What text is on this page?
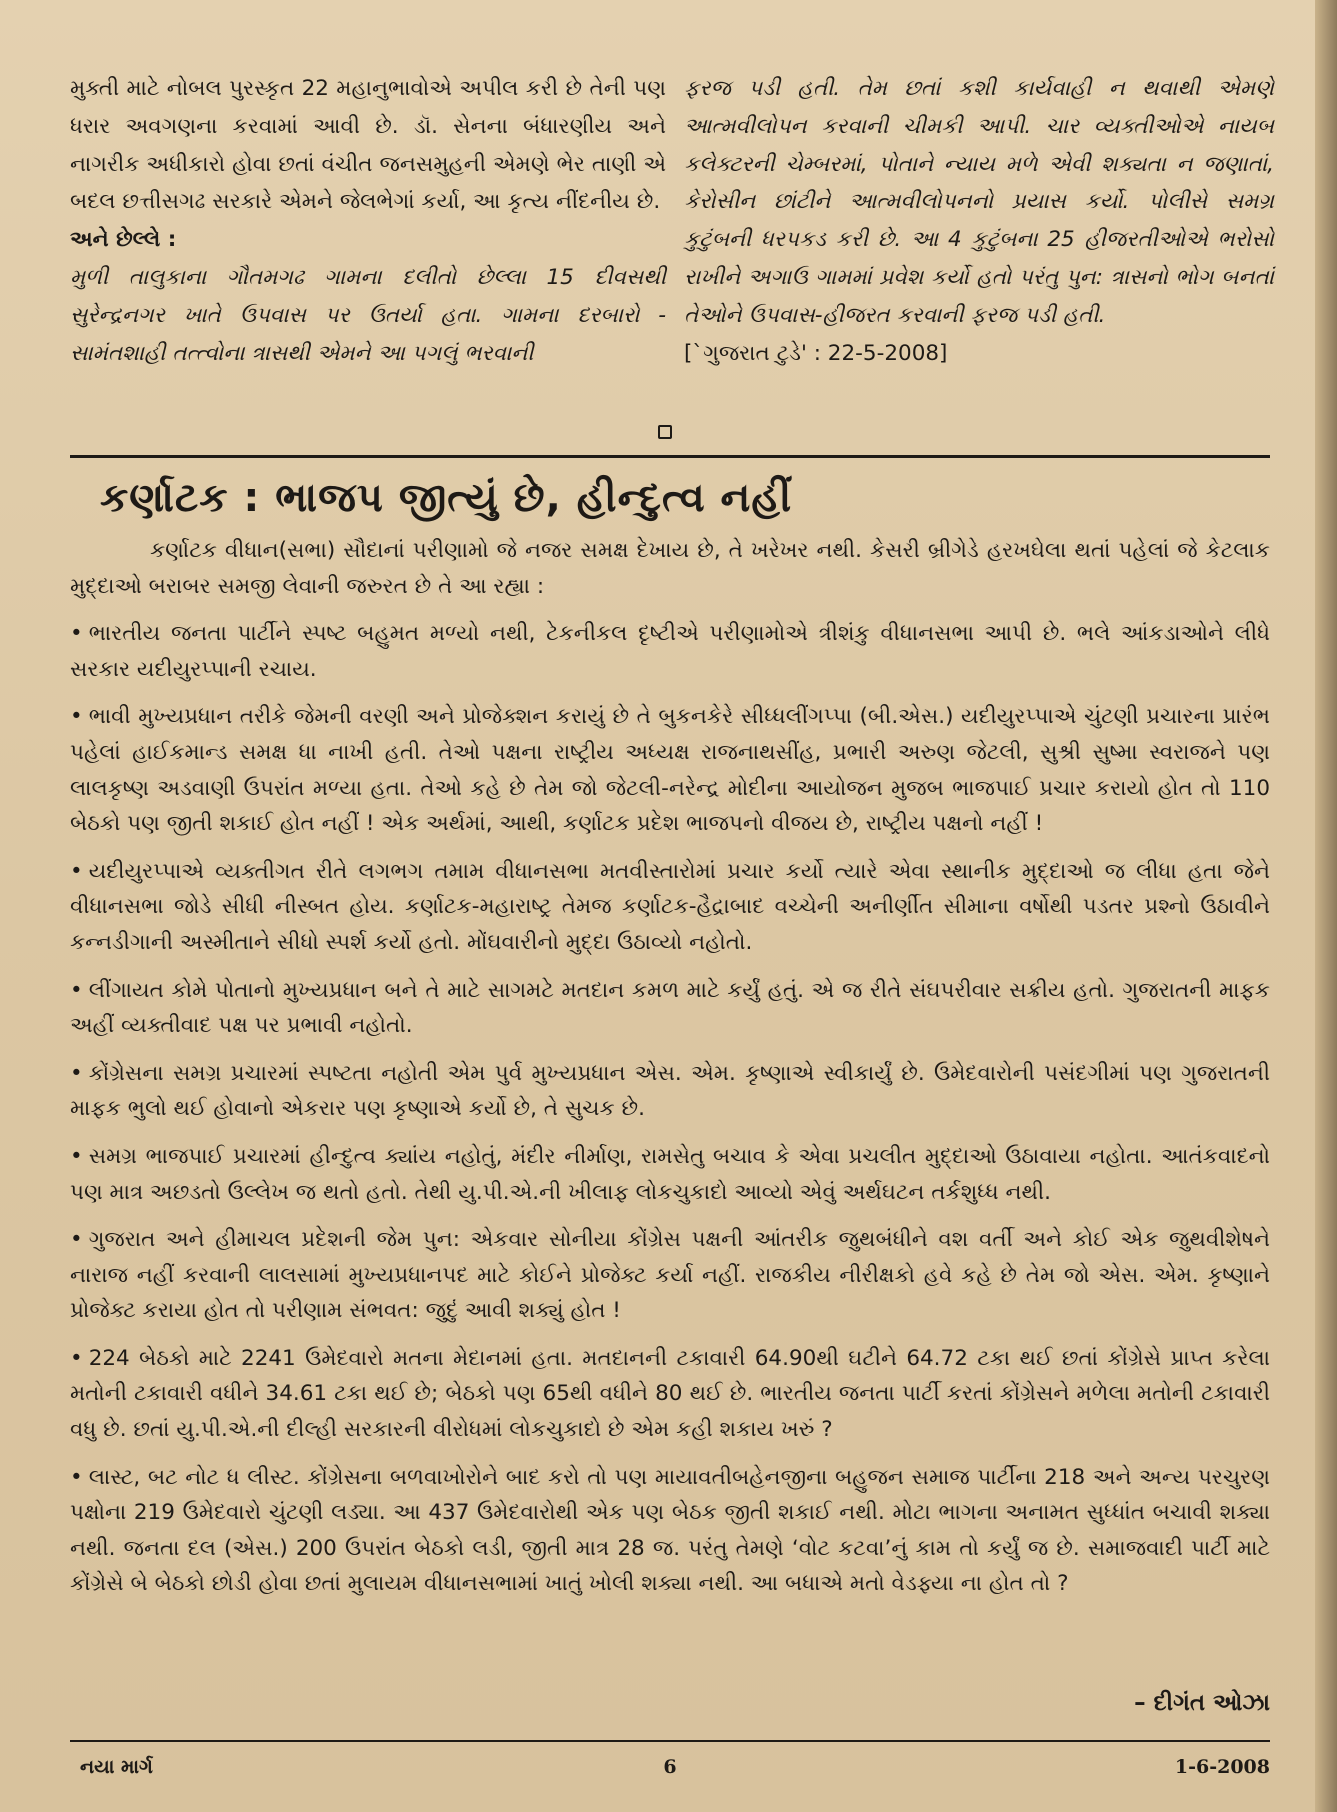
મુક્તી માટે નોબલ પુરસ્કૃત 22 મહાનુભાવોએ અપીલ કરી છે તેની પણ ધરાર અવગણના કરવામાં આવી છે. ડૉ. સેનના બંધારણીય અને નાગરીક અધીકારો હોવા છતાં વંચીત જનસમુહની એમણે ભેર તાણી એ બદલ છત્તીસગઢ સરકારે એમને જેલભેગાં કર્યા, આ કૃત્ય નીંદનીય છે.

અને છેલ્લે :

મુળી તાલુકાના ગૌતમગઢ ગામના દલીતો છેલ્લા 15 દીવસથી સુરેન્દ્રનગર ખાતે ઉપવાસ પર ઉતર્યા હતા. ગામના દરબારો - સામંતશાહી તત્ત્વોના ત્રાસથી એમને આ પગલું ભરવાની

ફરજ પડી હતી. તેમ છતાં કશી કાર્યવાહી ન થવાથી એમણે આત્મવીલોપન કરવાની ચીમકી આપી. ચાર વ્યક્તીઓએ નાયબ કલેક્ટરની ચેમ્બરમાં, પોતાને ન્યાય મળે એવી શક્યતા ન જણાતાં, કેરોસીન છાંટીને આત્મવીલોપનનો પ્રયાસ કર્યો. પોલીસે સમગ્ર કુટુંબની ધરપકડ કરી છે. આ 4 કુટુંબના 25 હીજરતીઓએ ભરોસો રાખીને અગાઉ ગામમાં પ્રવેશ કર્યો હતો પરંતુ પુન: ત્રાસનો ભોગ બનતાં તેઓને ઉપવાસ-હીજરત કરવાની ફરજ પડી હતી.

[`ગુજરાત ટુડે' : 22-5-2008]

કર્ણાટક : ભાજપ જીત્યું છે, હીન્દુત્વ નહીં

કર્ણાટક વીધાન(સભા) સૌદાનાં પરીણામો જે નજર સમક્ષ દેખાય છે, તે ખરેખર નથી. કેસરી બ્રીગેડે હરખઘેલા થતાં પહેલાં જે કેટલાક મુદ્દાઓ બરાબર સમજી લેવાની જરુરત છે તે આ રહ્યા :

• ભારતીય જનતા પાર્ટીને સ્પષ્ટ બહુમત મળ્યો નથી, ટેકનીકલ દૃષ્ટીએ પરીણામોએ ત્રીશંકુ વીધાનસભા આપી છે. ભલે આંકડાઓને લીધે સરકાર યદીયુરપ્પાની રચાય.

• ભાવી મુખ્યપ્રધાન તરીકે જેમની વરણી અને પ્રોજેક્શન કરાયું છે તે બુકનકેરે સીધ્ધલીંગપ્પા (બી.એસ.) યદીયુરપ્પાએ ચુંટણી પ્રચારના પ્રારંભ પહેલાં હાઈકમાન્ડ સમક્ષ ધા નાખી હતી. તેઓ પક્ષના રાષ્ટ્રીય અધ્યક્ષ રાજનાથસીંહ, પ્રભારી અરુણ જેટલી, સુશ્રી સુષ્મા સ્વરાજને પણ લાલકૃષ્ણ અડવાણી ઉપરાંત મળ્યા હતા. તેઓ કહે છે તેમ જો જેટલી-નરેન્દ્ર મોદીના આયોજન મુજબ ભાજપાઈ પ્રચાર કરાયો હોત તો 110 બેઠકો પણ જીતી શકાઈ હોત નહીં ! એક અર્થમાં, આથી, કર્ણાટક પ્રદેશ ભાજપનો વીજય છે, રાષ્ટ્રીય પક્ષનો નહીં !

• યદીયુરપ્પાએ વ્યક્તીગત રીતે લગભગ તમામ વીધાનસભા મતવીસ્તારોમાં પ્રચાર કર્યો ત્યારે એવા સ્થાનીક મુદ્દાઓ જ લીધા હતા જેને વીધાનસભા જોડે સીધી નીસ્બત હોય. કર્ણાટક-મહારાષ્ટ્ર તેમજ કર્ણાટક-હૈદ્રાબાદ વચ્ચેની અનીર્ણીત સીમાના વર્ષોથી પડતર પ્રશ્નો ઉઠાવીને કન્નડીગાની અસ્મીતાને સીધો સ્પર્શ કર્યો હતો. મોંઘવારીનો મુદ્દા ઉઠાવ્યો નહોતો.

• લીંગાયત કોમે પોતાનો મુખ્યપ્રધાન બને તે માટે સાગમટે મતદાન કમળ માટે કર્યું હતું. એ જ રીતે સંઘપરીવાર સક્રીય હતો. ગુજરાતની માફક અહીં વ્યક્તીવાદ પક્ષ પર પ્રભાવી નહોતો.

• કોંગ્રેસના સમગ્ર પ્રચારમાં સ્પષ્ટતા નહોતી એમ પુર્વ મુખ્યપ્રધાન એસ. એમ. કૃષ્ણાએ સ્વીકાર્યું છે. ઉમેદવારોની પસંદગીમાં પણ ગુજરાતની માફક ભુલો થઈ હોવાનો એકરાર પણ કૃષ્ણાએ કર્યો છે, તે સુચક છે.

• સમગ્ર ભાજપાઈ પ્રચારમાં હીન્દુત્વ ક્યાંય નહોતું, મંદીર નીર્માણ, રામસેતુ બચાવ કે એવા પ્રચલીત મુદ્દાઓ ઉઠાવાયા નહોતા. આતંકવાદનો પણ માત્ર અછડતો ઉલ્લેખ જ થતો હતો. તેથી યુ.પી.એ.ની ખીલાફ લોકચુકાદો આવ્યો એવું અર્થઘટન તર્કશુધ્ધ નથી.

• ગુજરાત અને હીમાચલ પ્રદેશની જેમ પુન: એકવાર સોનીયા કોંગ્રેસ પક્ષની આંતરીક જુથબંધીને વશ વર્તી અને કોઈ એક જુથવીશેષને નારાજ નહીં કરવાની લાલસામાં મુખ્યપ્રધાનપદ માટે કોઈને પ્રોજેક્ટ કર્યા નહીં. રાજકીય નીરીક્ષકો હવે કહે છે તેમ જો એસ. એમ. કૃષ્ણાને પ્રોજેક્ટ કરાયા હોત તો પરીણામ સંભવત: જુદું આવી શક્યું હોત !

• 224 બેઠકો માટે 2241 ઉમેદવારો મતના મેદાનમાં હતા. મતદાનની ટકાવારી 64.90થી ઘટીને 64.72 ટકા થઈ છતાં કોંગ્રેસે પ્રાપ્ત કરેલા મતોની ટકાવારી વધીને 34.61 ટકા થઈ છે; બેઠકો પણ 65થી વધીને 80 થઈ છે. ભારતીય જનતા પાર્ટી કરતાં કોંગ્રેસને મળેલા મતોની ટકાવારી વધુ છે. છતાં યુ.પી.એ.ની દીલ્હી સરકારની વીરોધમાં લોકચુકાદો છે એમ કહી શકાય ખરું ?

• લાસ્ટ, બટ નોટ ધ લીસ્ટ. કોંગ્રેસના બળવાખોરોને બાદ કરો તો પણ માયાવતીબહેનજીના બહુજન સમાજ પાર્ટીના 218 અને અન્ય પરચુરણ પક્ષોના 219 ઉમેદવારો ચુંટણી લડ્યા. આ 437 ઉમેદવારોથી એક પણ બેઠક જીતી શકાઈ નથી. મોટા ભાગના અનામત સુધ્ધાંત બચાવી શક્યા નથી. જનતા દલ (એસ.) 200 ઉપરાંત બેઠકો લડી, જીતી માત્ર 28 જ. પરંતુ તેમણે ‘વોટ કટવા’નું કામ તો કર્યું જ છે. સમાજવાદી પાર્ટી માટે કોંગ્રેસે બે બેઠકો છોડી હોવા છતાં મુલાયમ વીધાનસભામાં ખાતું ખોલી શક્યા નથી. આ બધાએ મતો વેડફ્યા ના હોત તો ?

– દીગંત ઓઝા
નયા માર્ગ	6	1-6-2008
